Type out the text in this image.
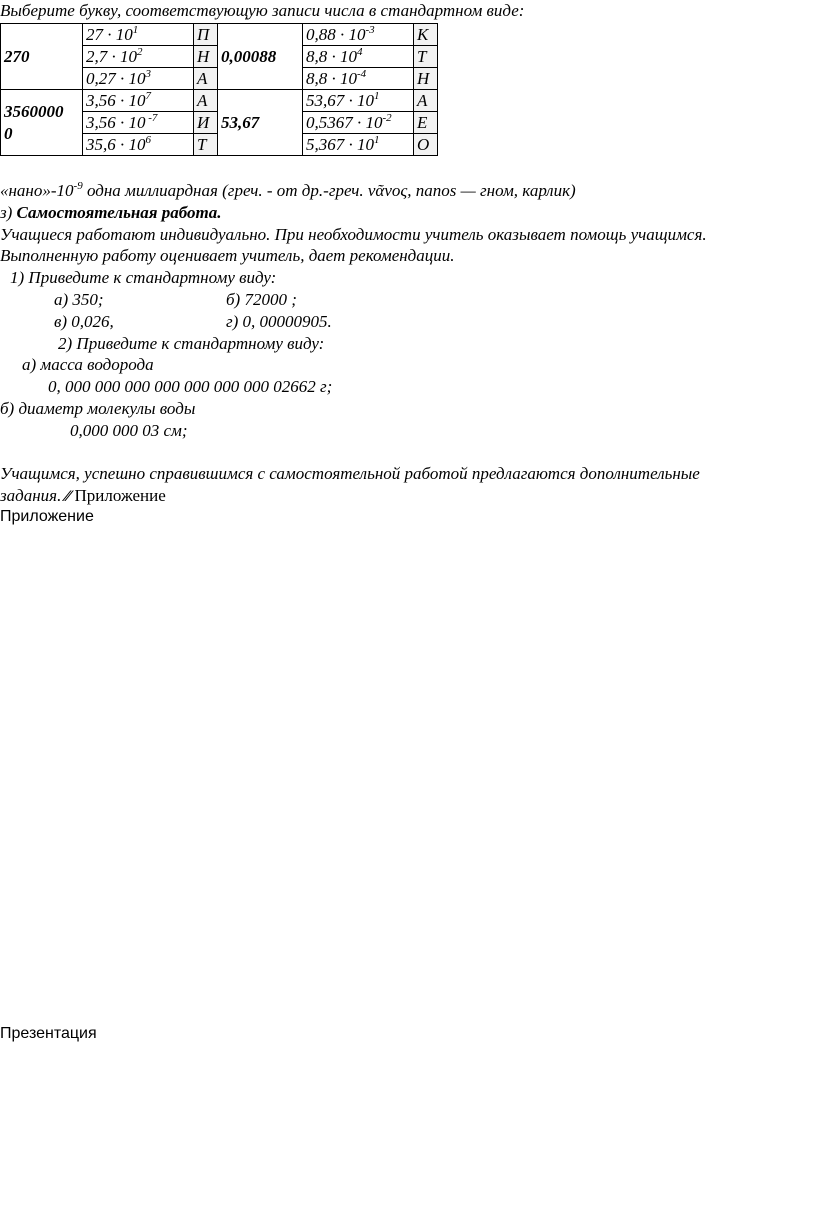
Выберите букву, соответствующую записи числа в стандартном виде:
270	$27 \cdot 10^1$	П	0,00088	$0,88 \cdot 10^{-3}$	К
	$2,7 \cdot 10^2$	Н		$8,8 \cdot 10^4$	Т
	$0,27 \cdot 10^3$	А		$8,8 \cdot 10^{-4}$	Н

3560000
0	$3,56 \cdot 10^7$	А	53,67	$53,67 \cdot 10^1$	А
	3,56 · 10 $^{-7}$	И		$0,5367 \cdot 10^{-2}$	Е
	$35,6 \cdot 10^6$	Т		$5,367 \cdot 10^1$	О
«$нано»-10^{-9}$ одна миллиардная (греч. - от др.-греч. νᾶνος, nanos — гном, карлик)
з) Самостоятельная работа.
Учащиеся работают индивидуально. При необходимости учитель оказывает помощь учащимся.
Выполненную работу оценивает учитель, дает рекомендации.
1) Приведите к стандартному виду:
а) 350;	б) 72000 ;
в) 0,026,	г) 0, 00000905.
2) Приведите к стандартному виду:
а) масса водорода
0, 000 000 000 000 000 000 000 02662 г;
б) диаметр молекулы воды
0,000 000 03 см;
Учащимся, успешно справившимся с самостоятельной работой предлагаются дополнительные
задания. ⁄⁄ Приложение
Приложение
Презентация
